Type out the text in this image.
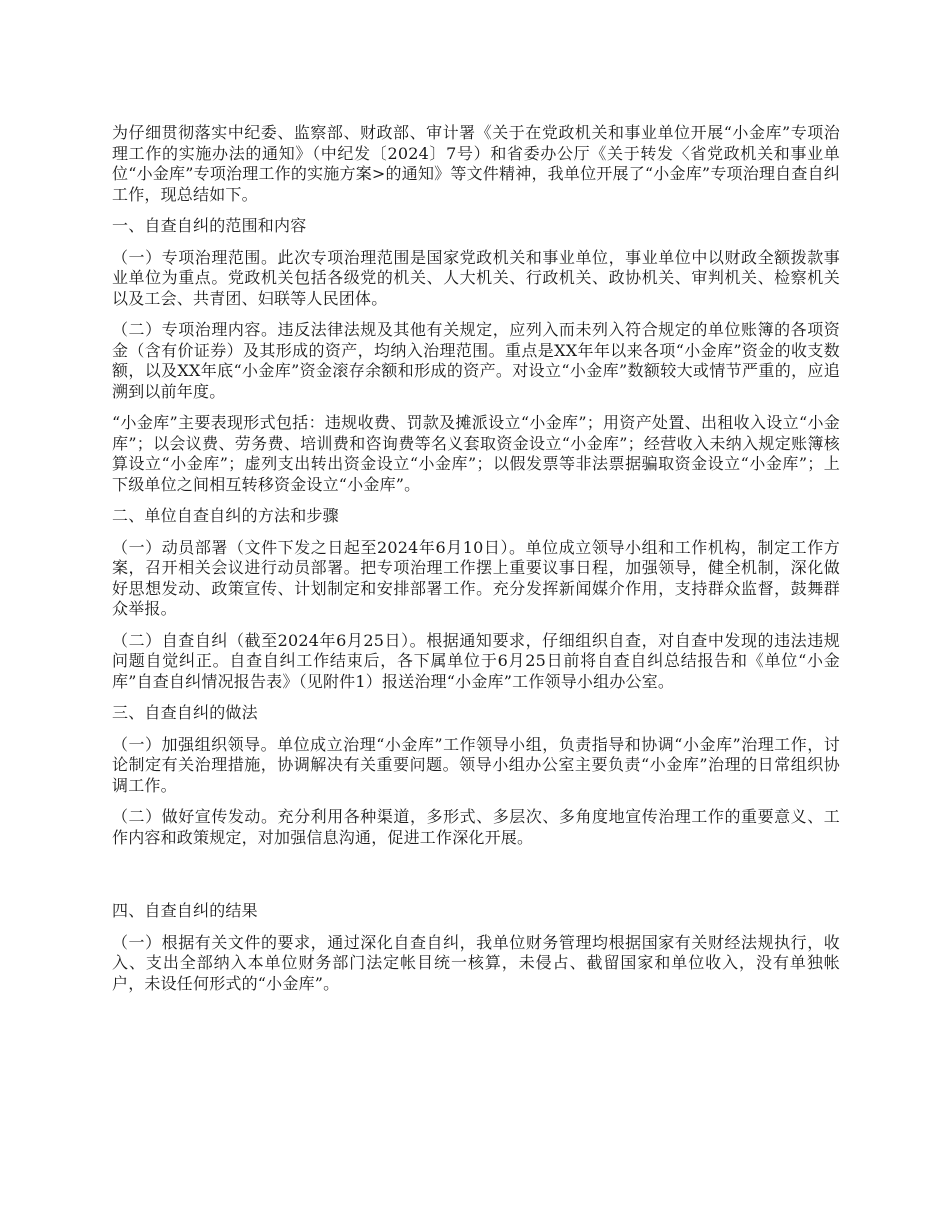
为仔细贯彻落实中纪委、监察部、财政部、审计署《关于在党政机关和事业单位开展“小金库”专项治理工作的实施办法的通知》（中纪发〔2024〕7号）和省委办公厅《关于转发〈省党政机关和事业单位“小金库”专项治理工作的实施方案>的通知》等文件精神，我单位开展了“小金库”专项治理自查自纠工作，现总结如下。

一、自查自纠的范围和内容

（一）专项治理范围。此次专项治理范围是国家党政机关和事业单位，事业单位中以财政全额拨款事业单位为重点。党政机关包括各级党的机关、人大机关、行政机关、政协机关、审判机关、检察机关以及工会、共青团、妇联等人民团体。

（二）专项治理内容。违反法律法规及其他有关规定，应列入而未列入符合规定的单位账簿的各项资金（含有价证券）及其形成的资产，均纳入治理范围。重点是XX年年以来各项“小金库”资金的收支数额，以及XX年底“小金库”资金滚存余额和形成的资产。对设立“小金库”数额较大或情节严重的，应追溯到以前年度。

“小金库”主要表现形式包括：违规收费、罚款及摊派设立“小金库”；用资产处置、出租收入设立“小金库”；以会议费、劳务费、培训费和咨询费等名义套取资金设立“小金库”；经营收入未纳入规定账簿核算设立“小金库”；虚列支出转出资金设立“小金库”；以假发票等非法票据骗取资金设立“小金库”；上下级单位之间相互转移资金设立“小金库”。

二、单位自查自纠的方法和步骤

（一）动员部署（文件下发之日起至2024年6月10日）。单位成立领导小组和工作机构，制定工作方案，召开相关会议进行动员部署。把专项治理工作摆上重要议事日程，加强领导，健全机制，深化做好思想发动、政策宣传、计划制定和安排部署工作。充分发挥新闻媒介作用，支持群众监督，鼓舞群众举报。

（二）自查自纠（截至2024年6月25日）。根据通知要求，仔细组织自查，对自查中发现的违法违规问题自觉纠正。自查自纠工作结束后，各下属单位于6月25日前将自查自纠总结报告和《单位“小金库”自查自纠情况报告表》（见附件1）报送治理“小金库”工作领导小组办公室。

三、自查自纠的做法

（一）加强组织领导。单位成立治理“小金库”工作领导小组，负责指导和协调“小金库”治理工作，讨论制定有关治理措施，协调解决有关重要问题。领导小组办公室主要负责“小金库”治理的日常组织协调工作。

（二）做好宣传发动。充分利用各种渠道，多形式、多层次、多角度地宣传治理工作的重要意义、工作内容和政策规定，对加强信息沟通，促进工作深化开展。

四、自查自纠的结果

（一）根据有关文件的要求，通过深化自查自纠，我单位财务管理均根据国家有关财经法规执行，收入、支出全部纳入本单位财务部门法定帐目统一核算，未侵占、截留国家和单位收入，没有单独帐户，未设任何形式的“小金库”。
